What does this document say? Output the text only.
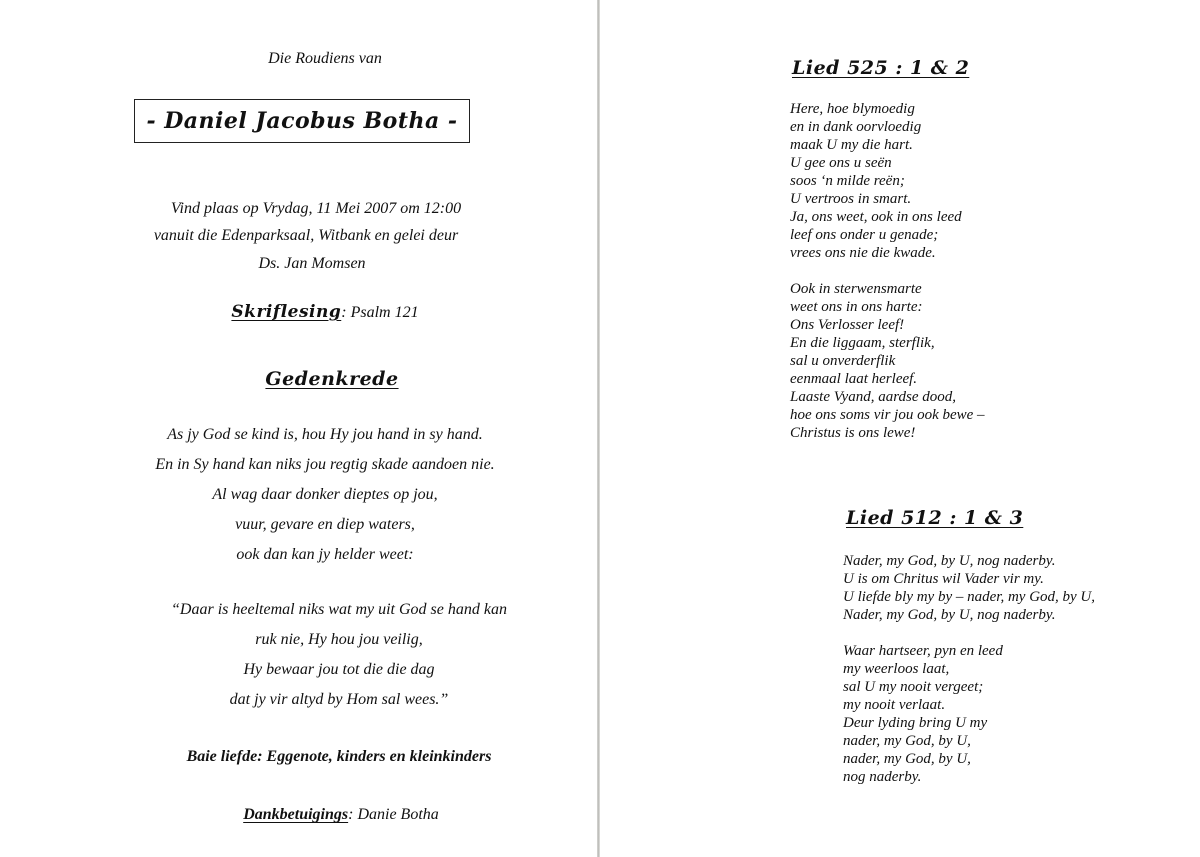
Die Roudiens van
- Daniel Jacobus Botha -
Vind plaas op Vrydag, 11 Mei 2007 om 12:00
vanuit die Edenparksaal, Witbank en gelei deur
Ds. Jan Momsen
Skriflesing: Psalm 121
Gedenkrede
As jy God se kind is, hou Hy jou hand in sy hand.
En in Sy hand kan niks jou regtig skade aandoen nie.
Al wag daar donker dieptes op jou,
vuur, gevare en diep waters,
ook dan kan jy helder weet:
“Daar is heeltemal niks wat my uit God se hand kan
ruk nie, Hy hou jou veilig,
Hy bewaar jou tot die die dag
dat jy vir altyd by Hom sal wees.”
Baie liefde: Eggenote, kinders en kleinkinders
Dankbetuigings: Danie Botha
Lied 525 : 1 & 2
Here, hoe blymoedig
en in dank oorvloedig
maak U my die hart.
U gee ons u seën
soos ‘n milde reën;
U vertroos in smart.
Ja, ons weet, ook in ons leed
leef ons onder u genade;
vrees ons nie die kwade.
Ook in sterwensmarte
weet ons in ons harte:
Ons Verlosser leef!
En die liggaam, sterflik,
sal u onverderflik
eenmaal laat herleef.
Laaste Vyand, aardse dood,
hoe ons soms vir jou ook bewe –
Christus is ons lewe!
Lied 512 : 1 & 3
Nader, my God, by U, nog naderby.
U is om Chritus wil Vader vir my.
U liefde bly my by – nader, my God, by U,
Nader, my God, by U, nog naderby.
Waar hartseer, pyn en leed
my weerloos laat,
sal U my nooit vergeet;
my nooit verlaat.
Deur lyding bring U my
nader, my God, by U,
nader, my God, by U,
nog naderby.
